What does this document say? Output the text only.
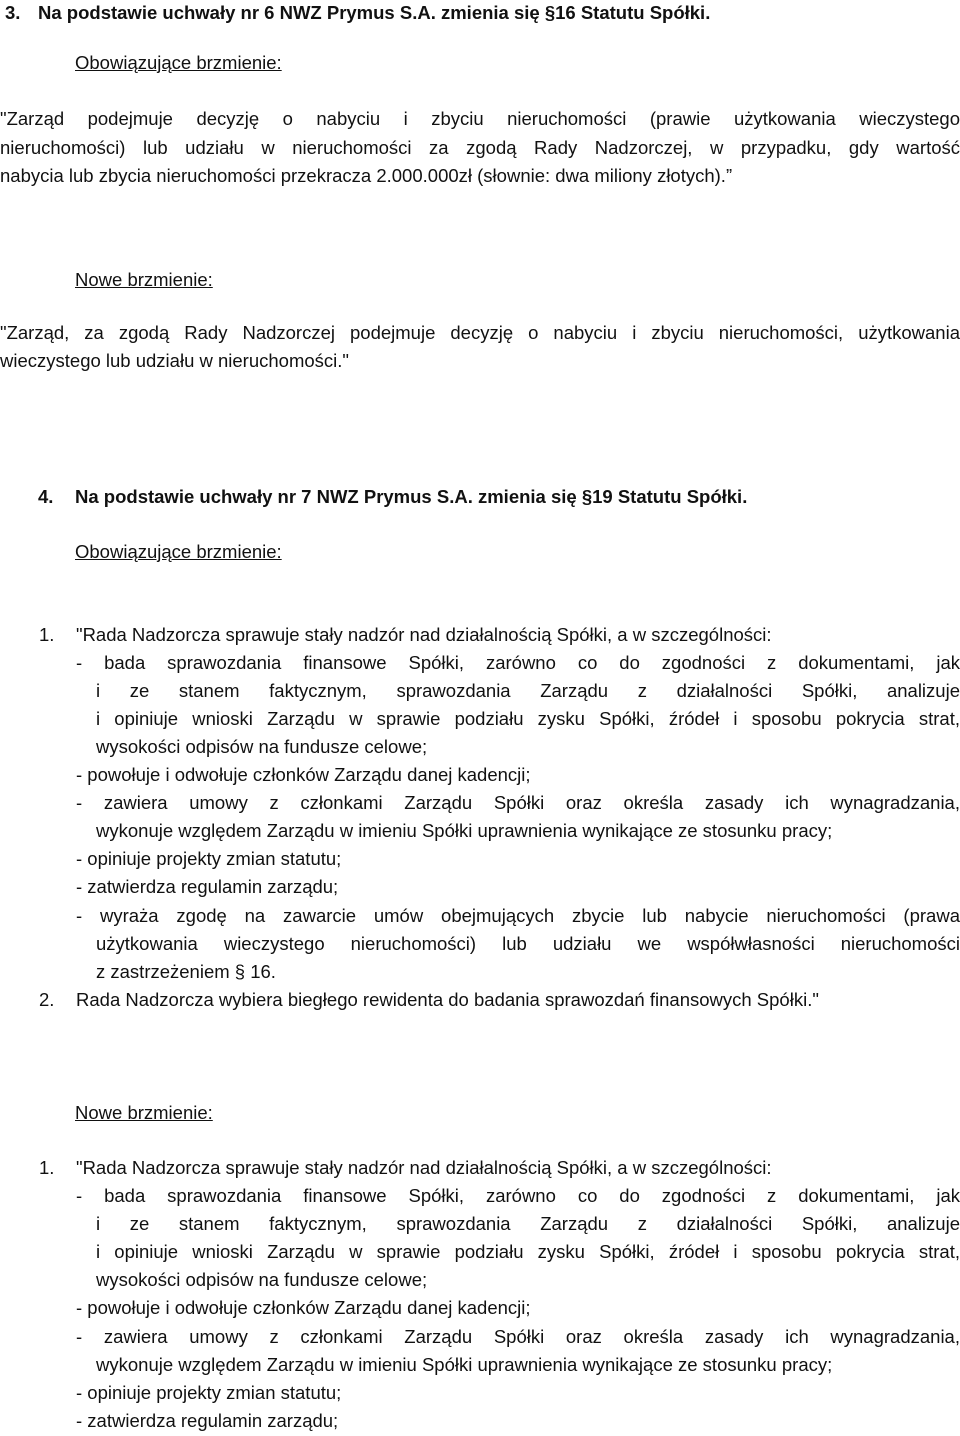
3. Na podstawie uchwały nr 6 NWZ Prymus S.A. zmienia się §16 Statutu Spółki.
Obowiązujące brzmienie:
"Zarząd podejmuje decyzję o nabyciu i zbyciu nieruchomości (prawie użytkowania wieczystego
nieruchomości) lub udziału w nieruchomości za zgodą Rady Nadzorczej, w przypadku, gdy wartość
nabycia lub zbycia nieruchomości przekracza 2.000.000zł (słownie: dwa miliony złotych).”
Nowe brzmienie:
"Zarząd, za zgodą Rady Nadzorczej podejmuje decyzję o nabyciu i zbyciu nieruchomości, użytkowania
wieczystego lub udziału w nieruchomości."
4. Na podstawie uchwały nr 7 NWZ Prymus S.A. zmienia się §19 Statutu Spółki.
Obowiązujące brzmienie:
1. "Rada Nadzorcza sprawuje stały nadzór nad działalnością Spółki, a w szczególności:
- bada sprawozdania finansowe Spółki, zarówno co do zgodności z dokumentami, jak
i ze stanem faktycznym, sprawozdania Zarządu z działalności Spółki, analizuje
i opiniuje wnioski Zarządu w sprawie podziału zysku Spółki, źródeł i sposobu pokrycia strat,
wysokości odpisów na fundusze celowe;
- powołuje i odwołuje członków Zarządu danej kadencji;
- zawiera umowy z członkami Zarządu Spółki oraz określa zasady ich wynagradzania,
wykonuje względem Zarządu w imieniu Spółki uprawnienia wynikające ze stosunku pracy;
- opiniuje projekty zmian statutu;
- zatwierdza regulamin zarządu;
- wyraża zgodę na zawarcie umów obejmujących zbycie lub nabycie nieruchomości (prawa
użytkowania wieczystego nieruchomości) lub udziału we współwłasności nieruchomości
z zastrzeżeniem § 16.
2. Rada Nadzorcza wybiera biegłego rewidenta do badania sprawozdań finansowych Spółki."
Nowe brzmienie:
1. "Rada Nadzorcza sprawuje stały nadzór nad działalnością Spółki, a w szczególności:
- bada sprawozdania finansowe Spółki, zarówno co do zgodności z dokumentami, jak
i ze stanem faktycznym, sprawozdania Zarządu z działalności Spółki, analizuje
i opiniuje wnioski Zarządu w sprawie podziału zysku Spółki, źródeł i sposobu pokrycia strat,
wysokości odpisów na fundusze celowe;
- powołuje i odwołuje członków Zarządu danej kadencji;
- zawiera umowy z członkami Zarządu Spółki oraz określa zasady ich wynagradzania,
wykonuje względem Zarządu w imieniu Spółki uprawnienia wynikające ze stosunku pracy;
- opiniuje projekty zmian statutu;
- zatwierdza regulamin zarządu;
